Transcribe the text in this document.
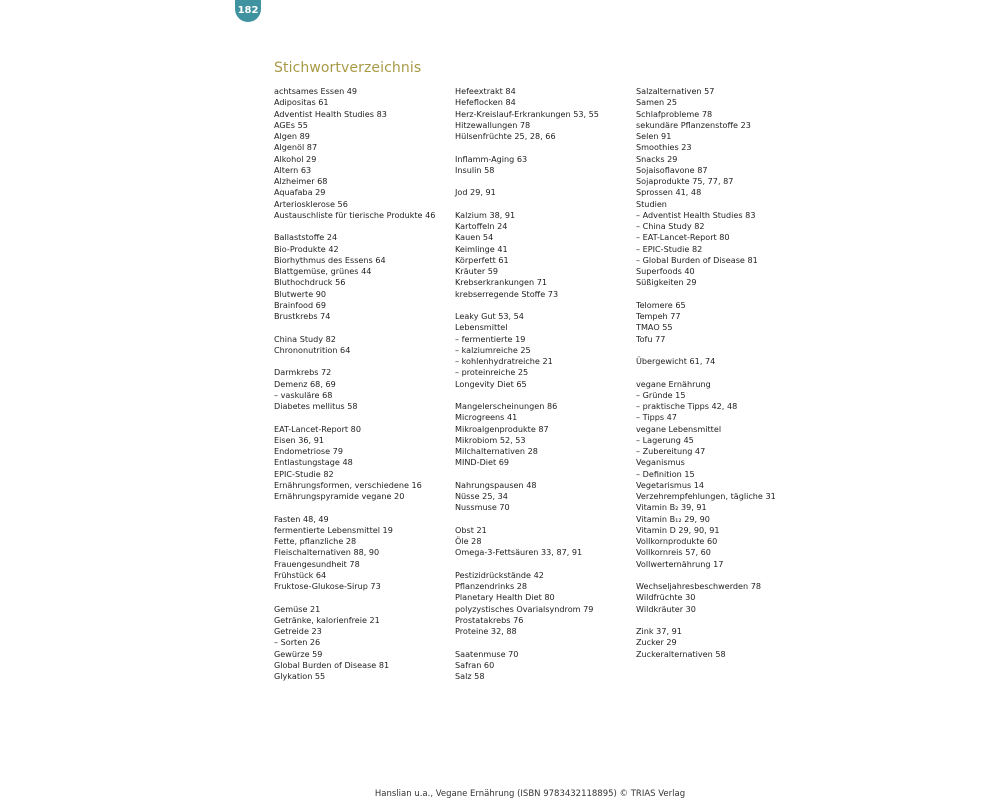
182
Stichwortverzeichnis
achtsames Essen 49
Adipositas 61
Adventist Health Studies 83
AGEs 55
Algen 89
Algenöl 87
Alkohol 29
Altern 63
Alzheimer 68
Aquafaba 29
Arteriosklerose 56
Austauschliste für tierische Produkte 46

Ballaststoffe 24
Bio-Produkte 42
Biorhythmus des Essens 64
Blattgemüse, grünes 44
Bluthochdruck 56
Blutwerte 90
Brainfood 69
Brustkrebs 74

China Study 82
Chrononutrition 64

Darmkrebs 72
Demenz 68, 69
– vaskuläre 68
Diabetes mellitus 58

EAT-Lancet-Report 80
Eisen 36, 91
Endometriose 79
Entlastungstage 48
EPIC-Studie 82
Ernährungsformen, verschiedene 16
Ernährungspyramide vegane 20

Fasten 48, 49
fermentierte Lebensmittel 19
Fette, pflanzliche 28
Fleischalternativen 88, 90
Frauengesundheit 78
Frühstück 64
Fruktose-Glukose-Sirup 73

Gemüse 21
Getränke, kalorienfreie 21
Getreide 23
– Sorten 26
Gewürze 59
Global Burden of Disease 81
Glykation 55
Hefeextrakt 84
Hefeflocken 84
Herz-Kreislauf-Erkrankungen 53, 55
Hitzewallungen 78
Hülsenfrüchte 25, 28, 66

Inflamm-Aging 63
Insulin 58

Jod 29, 91

Kalzium 38, 91
Kartoffeln 24
Kauen 54
Keimlinge 41
Körperfett 61
Kräuter 59
Krebserkrankungen 71
krebserregende Stoffe 73

Leaky Gut 53, 54
Lebensmittel
– fermentierte 19
– kalziumreiche 25
– kohlenhydratreiche 21
– proteinreiche 25
Longevity Diet 65

Mangelerscheinungen 86
Microgreens 41
Mikroalgenprodukte 87
Mikrobiom 52, 53
Milchalternativen 28
MIND-Diet 69

Nahrungspausen 48
Nüsse 25, 34
Nussmuse 70

Obst 21
Öle 28
Omega-3-Fettsäuren 33, 87, 91

Pestizidrückstände 42
Pflanzendrinks 28
Planetary Health Diet 80
polyzystisches Ovarialsyndrom 79
Prostatakrebs 76
Proteine 32, 88

Saatenmuse 70
Safran 60
Salz 58
Salzalternativen 57
Samen 25
Schlafprobleme 78
sekundäre Pflanzenstoffe 23
Selen 91
Smoothies 23
Snacks 29
Sojaisoflavone 87
Sojaprodukte 75, 77, 87
Sprossen 41, 48
Studien
– Adventist Health Studies 83
– China Study 82
– EAT-Lancet-Report 80
– EPIC-Studie 82
– Global Burden of Disease 81
Superfoods 40
Süßigkeiten 29

Telomere 65
Tempeh 77
TMAO 55
Tofu 77

Übergewicht 61, 74

vegane Ernährung
– Gründe 15
– praktische Tipps 42, 48
– Tipps 47
vegane Lebensmittel
– Lagerung 45
– Zubereitung 47
Veganismus
– Definition 15
Vegetarismus 14
Verzehrempfehlungen, tägliche 31
Vitamin B₂ 39, 91
Vitamin B₁₂ 29, 90
Vitamin D 29, 90, 91
Vollkornprodukte 60
Vollkornreis 57, 60
Vollwerternährung 17

Wechseljahresbeschwerden 78
Wildfrüchte 30
Wildkräuter 30

Zink 37, 91
Zucker 29
Zuckeralternativen 58
Hanslian u.a., Vegane Ernährung (ISBN 9783432118895) © TRIAS Verlag
